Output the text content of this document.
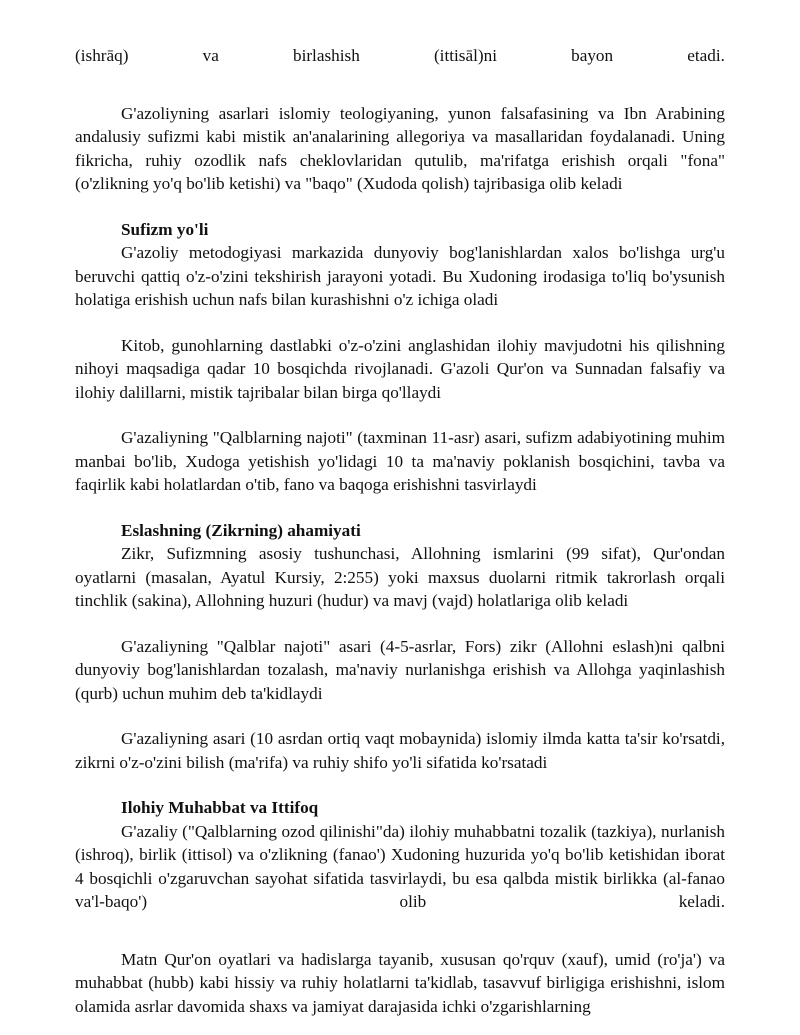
(ishrāq)	va	birlashish	(ittisāl)ni	bayon	etadi.

G'azoliyning asarlari islomiy teologiyaning, yunon falsafasining va Ibn Arabining andalusiy sufizmi kabi mistik an'analarining allegoriya va masallaridan foydalanadi. Uning fikricha, ruhiy ozodlik nafs cheklovlaridan qutulib, ma'rifatga erishish orqali "fona" (o'zlikning yo'q bo'lib ketishi) va "baqo" (Xudoda qolish) tajribasiga olib keladi

Sufizm yo'li

G'azoliy metodogiyasi markazida dunyoviy bog'lanishlardan xalos bo'lishga urg'u beruvchi qattiq o'z-o'zini tekshirish jarayoni yotadi. Bu Xudoning irodasiga to'liq bo'ysunish holatiga erishish uchun nafs bilan kurashishni o'z ichiga oladi

Kitob, gunohlarning dastlabki o'z-o'zini anglashidan ilohiy mavjudotni his qilishning nihoyi maqsadiga qadar 10 bosqichda rivojlanadi. G'azoli Qur'on va Sunnadan falsafiy va ilohiy dalillarni, mistik tajribalar bilan birga qo'llaydi

G'azaliyning "Qalblarning najoti" (taxminan 11-asr) asari, sufizm adabiyotining muhim manbai bo'lib, Xudoga yetishish yo'lidagi 10 ta ma'naviy poklanish bosqichini, tavba va faqirlik kabi holatlardan o'tib, fano va baqoga erishishni tasvirlaydi

Eslashning (Zikrning) ahamiyati

Zikr, Sufizmning asosiy tushunchasi, Allohning ismlarini (99 sifat), Qur'ondan oyatlarni (masalan, Ayatul Kursiy, 2:255) yoki maxsus duolarni ritmik takrorlash orqali tinchlik (sakina), Allohning huzuri (hudur) va mavj (vajd) holatlariga olib keladi

G'azaliyning "Qalblar najoti" asari (4-5-asrlar, Fors) zikr (Allohni eslash)ni qalbni dunyoviy bog'lanishlardan tozalash, ma'naviy nurlanishga erishish va Allohga yaqinlashish (qurb) uchun muhim deb ta'kidlaydi

G'azaliyning asari (10 asrdan ortiq vaqt mobaynida) islomiy ilmda katta ta'sir ko'rsatdi, zikrni o'z-o'zini bilish (ma'rifa) va ruhiy shifo yo'li sifatida ko'rsatadi

Ilohiy Muhabbat va Ittifoq

G'azaliy ("Qalblarning ozod qilinishi"da) ilohiy muhabbatni tozalik (tazkiya), nurlanish (ishroq), birlik (ittisol) va o'zlikning (fanao') Xudoning huzurida yo'q bo'lib ketishidan iborat 4 bosqichli o'zgaruvchan sayohat sifatida tasvirlaydi, bu esa qalbda mistik birlikka (al-fanao va'l-baqo') olib keladi.

Matn Qur'on oyatlari va hadislarga tayanib, xususan qo'rquv (xauf), umid (ro'ja') va muhabbat (hubb) kabi hissiy va ruhiy holatlarni ta'kidlab, tasavvuf birligiga erishishni, islom olamida asrlar davomida shaxs va jamiyat darajasida ichki o'zgarishlarning
